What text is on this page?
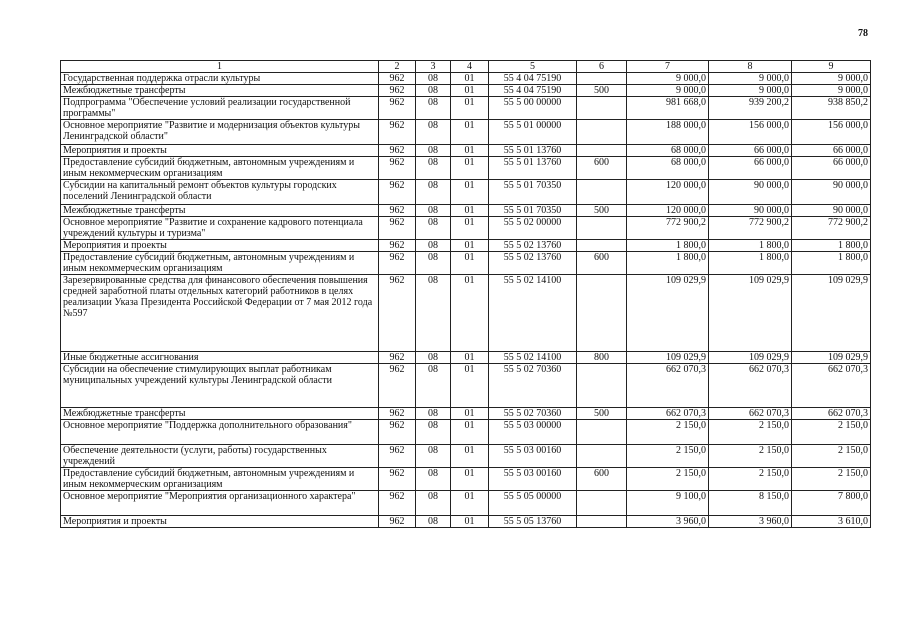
78
1	2	3	4	5	6	7	8	9
Государственная поддержка отрасли культуры	962	08	01	55 4 04 75190		9 000,0	9 000,0	9 000,0
Межбюджетные трансферты	962	08	01	55 4 04 75190	500	9 000,0	9 000,0	9 000,0
Подпрограмма "Обеспечение условий реализации государственной программы"	962	08	01	55 5 00 00000		981 668,0	939 200,2	938 850,2
Основное мероприятие "Развитие и модернизация объектов культуры Ленинградской области"	962	08	01	55 5 01 00000		188 000,0	156 000,0	156 000,0
Мероприятия и проекты	962	08	01	55 5 01 13760		68 000,0	66 000,0	66 000,0
Предоставление субсидий бюджетным, автономным учреждениям и иным некоммерческим организациям	962	08	01	55 5 01 13760	600	68 000,0	66 000,0	66 000,0
Субсидии на капитальный ремонт объектов культуры городских поселений Ленинградской области	962	08	01	55 5 01 70350		120 000,0	90 000,0	90 000,0
Межбюджетные трансферты	962	08	01	55 5 01 70350	500	120 000,0	90 000,0	90 000,0
Основное мероприятие "Развитие и сохранение кадрового потенциала учреждений культуры и туризма"	962	08	01	55 5 02 00000		772 900,2	772 900,2	772 900,2
Мероприятия и проекты	962	08	01	55 5 02 13760		1 800,0	1 800,0	1 800,0
Предоставление субсидий бюджетным, автономным учреждениям и иным некоммерческим организациям	962	08	01	55 5 02 13760	600	1 800,0	1 800,0	1 800,0
Зарезервированные средства для финансового обеспечения повышения средней заработной платы отдельных категорий работников в целях реализации Указа Президента Российской Федерации от 7 мая 2012 года №597	962	08	01	55 5 02 14100		109 029,9	109 029,9	109 029,9
Иные бюджетные ассигнования	962	08	01	55 5 02 14100	800	109 029,9	109 029,9	109 029,9
Субсидии на обеспечение стимулирующих выплат работникам муниципальных учреждений культуры Ленинградской области	962	08	01	55 5 02 70360		662 070,3	662 070,3	662 070,3
Межбюджетные трансферты	962	08	01	55 5 02 70360	500	662 070,3	662 070,3	662 070,3
Основное мероприятие "Поддержка дополнительного образования"	962	08	01	55 5 03 00000		2 150,0	2 150,0	2 150,0
Обеспечение деятельности (услуги, работы) государственных учреждений	962	08	01	55 5 03 00160		2 150,0	2 150,0	2 150,0
Предоставление субсидий бюджетным, автономным учреждениям и иным некоммерческим организациям	962	08	01	55 5 03 00160	600	2 150,0	2 150,0	2 150,0
Основное мероприятие "Мероприятия организационного характера"	962	08	01	55 5 05 00000		9 100,0	8 150,0	7 800,0
Мероприятия и проекты	962	08	01	55 5 05 13760		3 960,0	3 960,0	3 610,0
